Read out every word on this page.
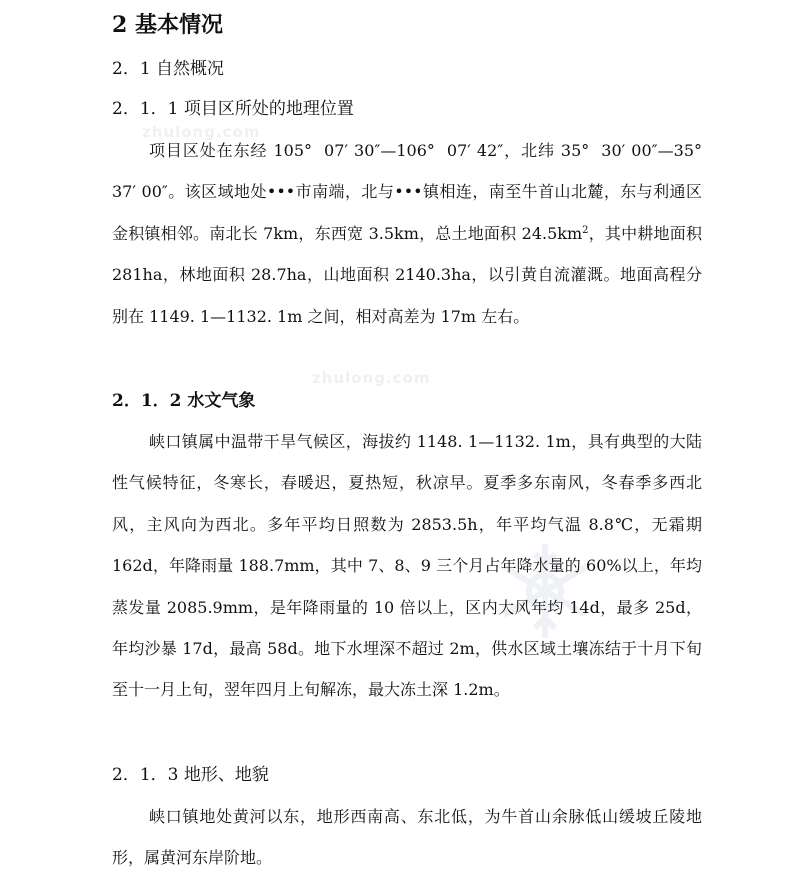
zhulong.com
zhulong.com
2 基本情况
2．1 自然概况
2．1．1 项目区所处的地理位置
项目区处在东经 105°  07′ 30″—106°  07′ 42″，北纬 35°  30′ 00″—35°  37′ 00″。该区域地处•••市南端，北与•••镇相连，南至牛首山北麓，东与利通区金积镇相邻。南北长 7km，东西宽 3.5km，总土地面积 $24.5km^2$，其中耕地面积 281ha，林地面积 28.7ha，山地面积 2140.3ha，以引黄自流灌溉。地面高程分别在 1149. 1—1132. 1m 之间，相对高差为 17m 左右。
2．1．2 水文气象
峡口镇属中温带干旱气候区，海拔约 1148. 1—1132. 1m，具有典型的大陆性气候特征，冬寒长，春暖迟，夏热短，秋凉早。夏季多东南风，冬春季多西北风，主风向为西北。多年平均日照数为 2853.5h，年平均气温 8.8℃，无霜期 162d，年降雨量 188.7mm，其中 7、8、9 三个月占年降水量的 60%以上，年均蒸发量 2085.9mm，是年降雨量的 10 倍以上，区内大风年均 14d，最多 25d，年均沙暴 17d，最高 58d。地下水埋深不超过 2m，供水区域土壤冻结于十月下旬至十一月上旬，翌年四月上旬解冻，最大冻土深 1.2m。
2．1．3 地形、地貌
峡口镇地处黄河以东，地形西南高、东北低，为牛首山余脉低山缓坡丘陵地形，属黄河东岸阶地。
